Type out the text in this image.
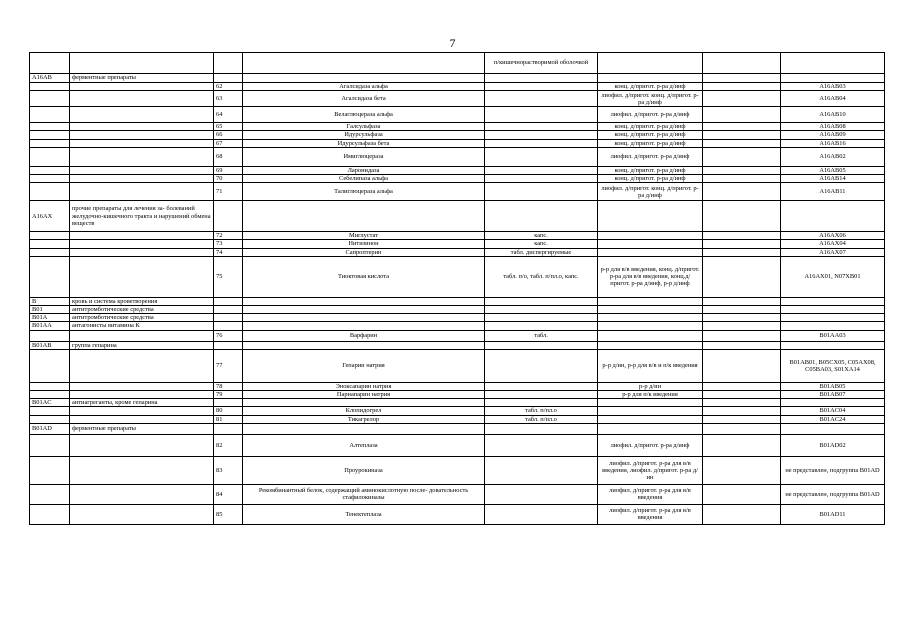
7
				п/кишечнорастворимой оболочкой			
A16AB	ферментные препараты						
		62	Агалсидаза альфа		конц. д/пригот. р-ра д/инф		A16AB03
		63	Агалсидаза бета		лиофил. д/пригот. конц. д/пригот. р-ра д/инф		A16AB04
		64	Велаглюцераза альфа		лиофил. д/пригот. р-ра д/инф		A16AB10
		65	Галсульфаза		конц. д/пригот. р-ра д/инф		A16AB08
		66	Идурсульфаза		конц. д/пригот. р-ра д/инф		A16AB09
		67	Идурсульфаза бета		конц. д/пригот. р-ра д/инф		A16AB16
		68	Имиглюцераза		лиофил. д/пригот. р-ра д/инф		A16AB02
		69	Ларонидаза		конц. д/пригот. р-ра д/инф		A16AB05
		70	Себелипаза альфа		конц. д/пригот. р-ра д/инф		A16AB14
		71	Талиглюцераза альфа		лиофил. д/пригот. конц. д/пригот. р-ра д/инф		A16AB11
A16AX	прочие препараты для лечения за- болеваний желудочно-кишечного тракта и нарушений обмена веществ						
		72	Миглустат	капс.			A16AX06
		73	Нитизинон	капс.			A16AX04
		74	Сапроптерин	табл. диспергируемые			A16AX07
		75	Тиоктовая кислота	табл. п/о, табл. п/пл.о, капс.	р-р для в/в введения, конц. д/пригот. р-ра для в/в введения, конц.д/пригот. р-ра д/инф, р-р д/инф		A16AX01, N07XB01
B	кровь и система кроветворения						
B01	антитромботические средства						
B01A	антитромботические средства						
B01AA	антагонисты витамина К						
		76	Варфарин	табл.			B01AA03
B01AB	группа гепарина						
		77	Гепарин натрия		р-р д/ин, р-р для в/в и п/к введения		B01AB01, B05CX05, C05AX08, C05BA03, S01XA14
		78	Эноксапарин натрия		р-р д/ин		B01AB05
		79	Парнапарин натрия		р-р для п/к введения		B01AB07
B01AC	антиагреганты, кроме гепарина						
		80	Клопидогрел	табл. п/пл.о			B01AC04
		81	Тикагрелор	табл. п/пл.о			B01AC24
B01AD	ферментные препараты						
		82	Алтеплаза		лиофил. д/пригот. р-ра д/инф		B01AD02
		83	Проурокиназа		лиофил. д/пригот. р-ра для в/в введения, лиофил. д/пригот. р-ра д/ин		не представлен, подгруппа B01AD
		84	Рекомбинантный белок, содержащий аминокислотную после- довательность стафилокиназы		лиофил. д/пригот. р-ра для в/в введения		не представлен, подгруппа B01AD
		85	Тенектеплаза		лиофил. д/пригот. р-ра для в/в введения		B01AD11
